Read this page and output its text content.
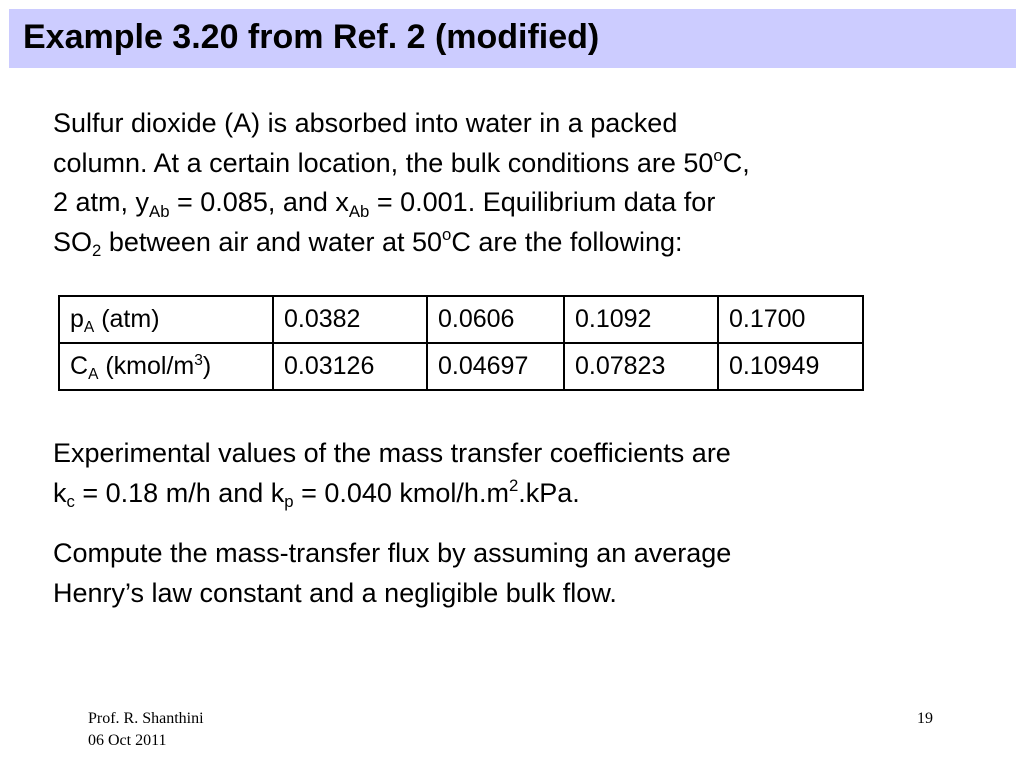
Example 3.20 from Ref. 2 (modified)

Sulfur dioxide (A) is absorbed into water in a packed
column. At a certain location, the bulk conditions are 50$^o$C,
2 atm, $y_{Ab} = 0.085$, and $x_{Ab} = 0.001$. Equilibrium data for
$SO_2$ between air and water at 50$^o$C are the following:

$p_A$ (atm)	0.0382	0.0606	0.1092	0.1700
$C_A$ $(kmol/m^3)$	0.03126	0.04697	0.07823	0.10949

Experimental values of the mass transfer coefficients are
$k_c = 0.18$ m/h and $k_p = 0.040$ kmol/$h.m^2.kPa$.

Compute the mass-transfer flux by assuming an average
Henry’s law constant and a negligible bulk flow.

Prof. R. Shanthini
06 Oct 2011
19
